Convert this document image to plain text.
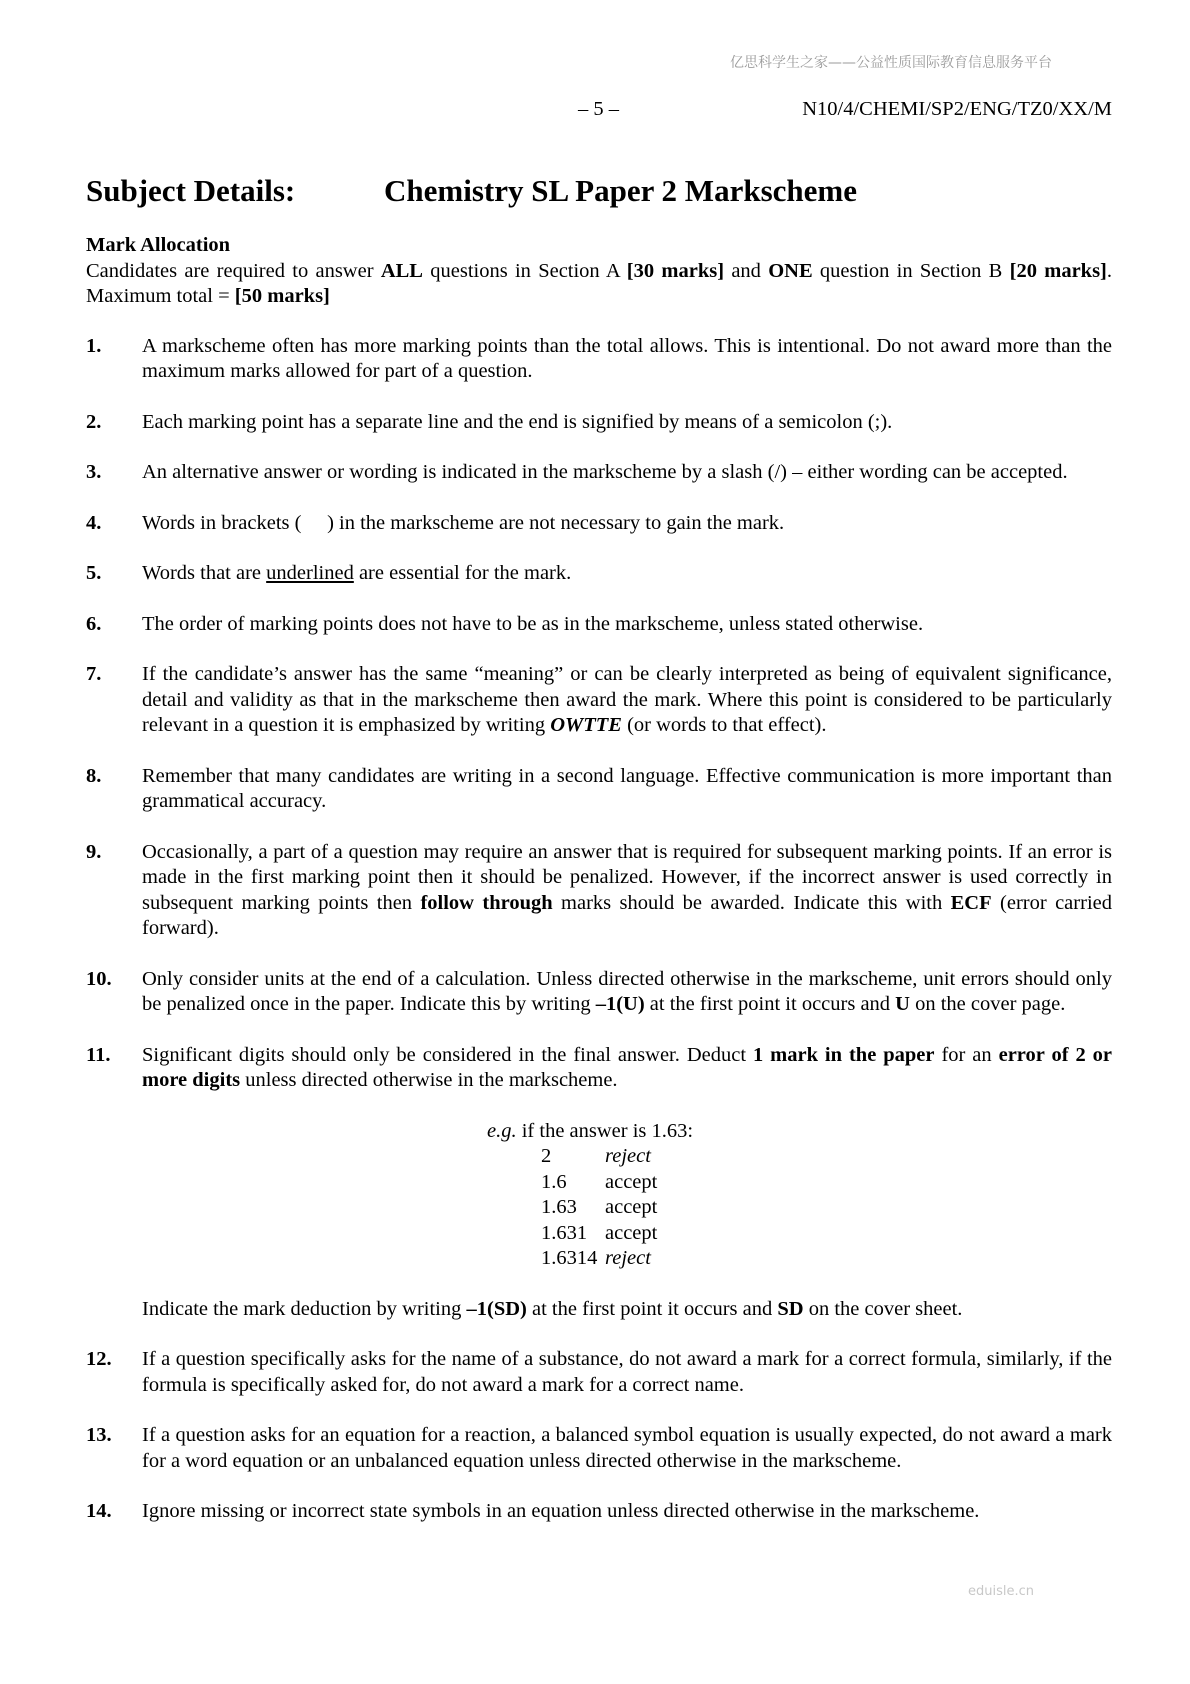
亿思科学生之家——公益性质国际教育信息服务平台
– 5 –	N10/4/CHEMI/SP2/ENG/TZ0/XX/M
Subject Details:	Chemistry SL Paper 2 Markscheme
Mark Allocation

Candidates are required to answer ALL questions in Section A [30 marks] and ONE question in Section B [20 marks]. Maximum total = [50 marks]

1.	A markscheme often has more marking points than the total allows. This is intentional. Do not award more than the maximum marks allowed for part of a question.
2.	Each marking point has a separate line and the end is signified by means of a semicolon (;).
3.	An alternative answer or wording is indicated in the markscheme by a slash (/) – either wording can be accepted.
4.	Words in brackets (     ) in the markscheme are not necessary to gain the mark.
5.	Words that are underlined are essential for the mark.
6.	The order of marking points does not have to be as in the markscheme, unless stated otherwise.
7.	If the candidate’s answer has the same “meaning” or can be clearly interpreted as being of equivalent significance, detail and validity as that in the markscheme then award the mark. Where this point is considered to be particularly relevant in a question it is emphasized by writing OWTTE (or words to that effect).
8.	Remember that many candidates are writing in a second language. Effective communication is more important than grammatical accuracy.
9.	Occasionally, a part of a question may require an answer that is required for subsequent marking points. If an error is made in the first marking point then it should be penalized. However, if the incorrect answer is used correctly in subsequent marking points then follow through marks should be awarded. Indicate this with ECF (error carried forward).
10.	Only consider units at the end of a calculation. Unless directed otherwise in the markscheme, unit errors should only be penalized once in the paper. Indicate this by writing –1(U) at the first point it occurs and U on the cover page.
11.	Significant digits should only be considered in the final answer. Deduct 1 mark in the paper for an error of 2 or more digits unless directed otherwise in the markscheme.
e.g. if the answer is 1.63:
2	reject
1.6	accept
1.63	accept
1.631 accept
1.6314 reject

Indicate the mark deduction by writing –1(SD) at the first point it occurs and SD on the cover sheet.

12.	If a question specifically asks for the name of a substance, do not award a mark for a correct formula, similarly, if the formula is specifically asked for, do not award a mark for a correct name.
13.	If a question asks for an equation for a reaction, a balanced symbol equation is usually expected, do not award a mark for a word equation or an unbalanced equation unless directed otherwise in the markscheme.
14.	Ignore missing or incorrect state symbols in an equation unless directed otherwise in the markscheme.
eduisle.cn
